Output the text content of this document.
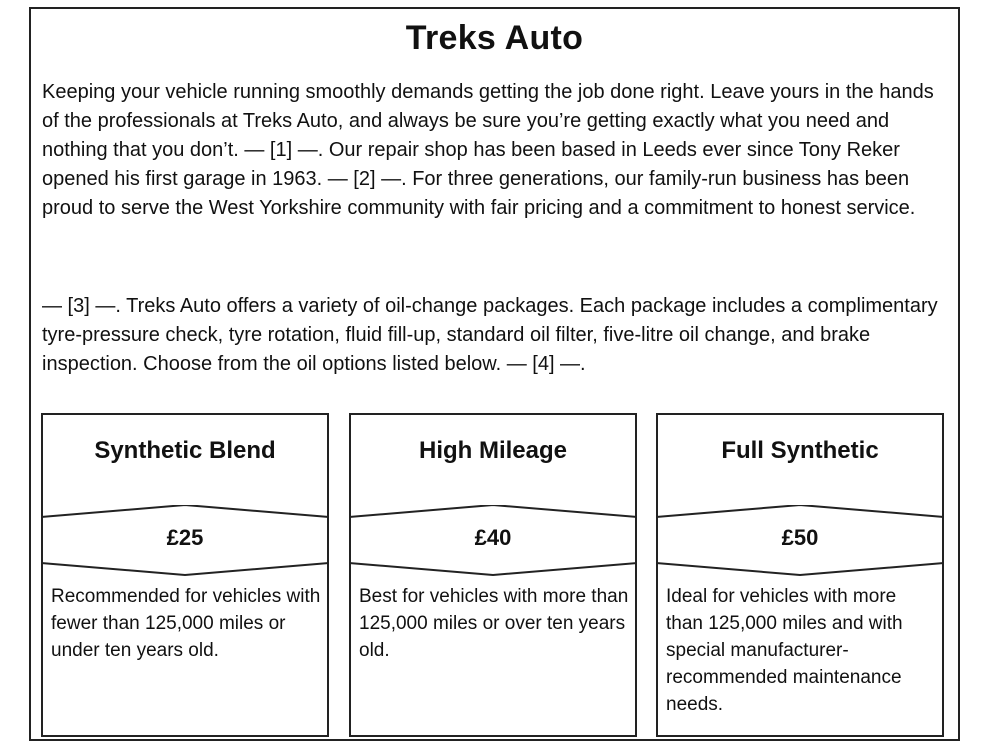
Treks Auto

Keeping your vehicle running smoothly demands getting the job done right. Leave yours in the hands of the professionals at Treks Auto, and always be sure you’re getting exactly what you need and nothing that you don’t. — [1] —. Our repair shop has been based in Leeds ever since Tony Reker opened his first garage in 1963. — [2] —. For three generations, our family-run business has been proud to serve the West Yorkshire community with fair pricing and a commitment to honest service.

— [3] —. Treks Auto offers a variety of oil-change packages. Each package includes a complimentary tyre-pressure check, tyre rotation, fluid fill-up, standard oil filter, five-litre oil change, and brake inspection. Choose from the oil options listed below. — [4] —.

Synthetic Blend
£25

Recommended for vehicles with fewer than 125,000 miles or under ten years old.

High Mileage
£40

Best for vehicles with more than 125,000 miles or over ten years old.

Full Synthetic
£50

Ideal for vehicles with more than 125,000 miles and with special manufacturer-recommended maintenance needs.
